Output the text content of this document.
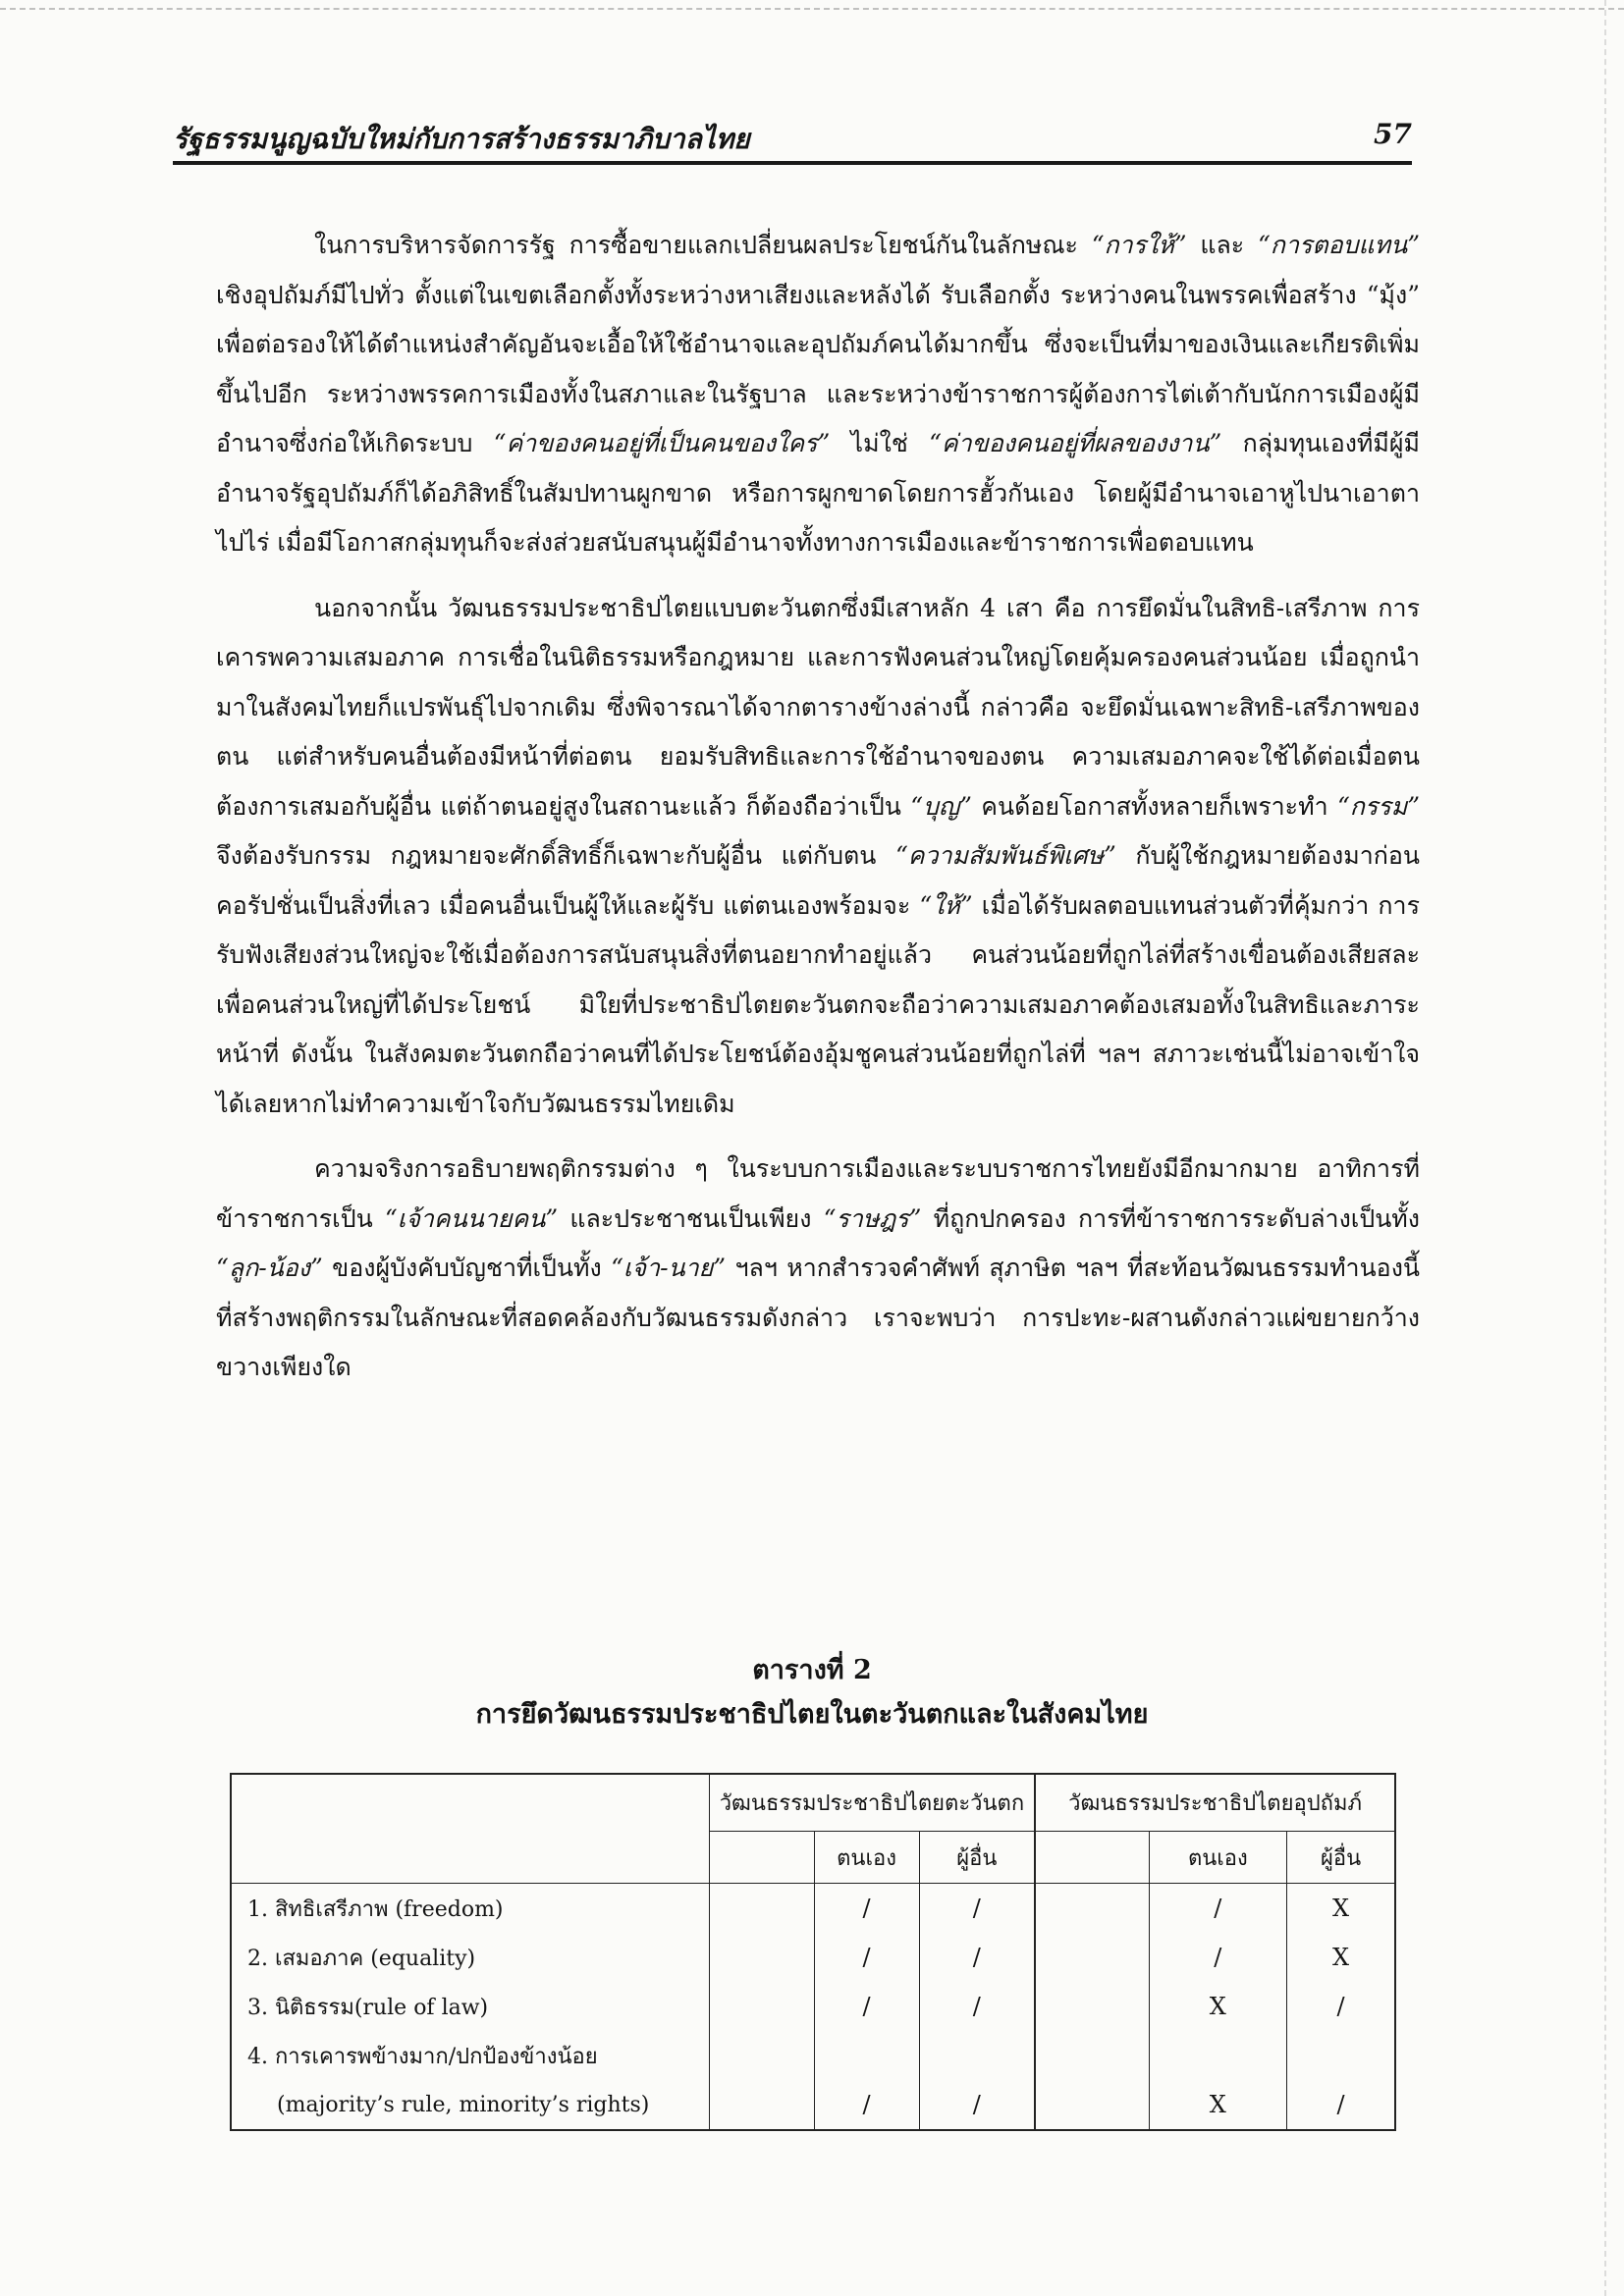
รัฐธรรมนูญฉบับใหม่กับการสร้างธรรมาภิบาลไทย	57

ในการบริหารจัดการรัฐ การซื้อขายแลกเปลี่ยนผลประโยชน์กันในลักษณะ “การให้” และ “การตอบแทน” เชิงอุปถัมภ์มีไปทั่ว ตั้งแต่ในเขตเลือกตั้งทั้งระหว่างหาเสียงและหลังได้ รับเลือกตั้ง ระหว่างคนในพรรคเพื่อสร้าง “มุ้ง” เพื่อต่อรองให้ได้ตำแหน่งสำคัญอันจะเอื้อให้ใช้อำนาจและอุปถัมภ์คนได้มากขึ้น ซึ่งจะเป็นที่มาของเงินและเกียรติเพิ่มขึ้นไปอีก ระหว่างพรรคการเมืองทั้งในสภาและในรัฐบาล และระหว่างข้าราชการผู้ต้องการไต่เต้ากับนักการเมืองผู้มีอำนาจซึ่งก่อให้เกิดระบบ “ค่าของคนอยู่ที่เป็นคนของใคร” ไม่ใช่ “ค่าของคนอยู่ที่ผลของงาน” กลุ่มทุนเองที่มีผู้มีอำนาจรัฐอุปถัมภ์ก็ได้อภิสิทธิ์ในสัมปทานผูกขาด หรือการผูกขาดโดยการฮั้วกันเอง โดยผู้มีอำนาจเอาหูไปนาเอาตาไปไร่ เมื่อมีโอกาสกลุ่มทุนก็จะส่งส่วยสนับสนุนผู้มีอำนาจทั้งทางการเมืองและข้าราชการเพื่อตอบแทน

นอกจากนั้น วัฒนธรรมประชาธิปไตยแบบตะวันตกซึ่งมีเสาหลัก 4 เสา คือ การยึดมั่นในสิทธิ-เสรีภาพ การเคารพความเสมอภาค การเชื่อในนิติธรรมหรือกฎหมาย และการฟังคนส่วนใหญ่โดยคุ้มครองคนส่วนน้อย เมื่อถูกนำมาในสังคมไทยก็แปรพันธุ์ไปจากเดิม ซึ่งพิจารณาได้จากตารางข้างล่างนี้ กล่าวคือ จะยึดมั่นเฉพาะสิทธิ-เสรีภาพของตน แต่สำหรับคนอื่นต้องมีหน้าที่ต่อตน ยอมรับสิทธิและการใช้อำนาจของตน ความเสมอภาคจะใช้ได้ต่อเมื่อตนต้องการเสมอกับผู้อื่น แต่ถ้าตนอยู่สูงในสถานะแล้ว ก็ต้องถือว่าเป็น “บุญ” คนด้อยโอกาสทั้งหลายก็เพราะทำ “กรรม” จึงต้องรับกรรม กฎหมายจะศักดิ์สิทธิ์ก็เฉพาะกับผู้อื่น แต่กับตน “ความสัมพันธ์พิเศษ” กับผู้ใช้กฎหมายต้องมาก่อน คอรัปชั่นเป็นสิ่งที่เลว เมื่อคนอื่นเป็นผู้ให้และผู้รับ แต่ตนเองพร้อมจะ “ให้” เมื่อได้รับผลตอบแทนส่วนตัวที่คุ้มกว่า การรับฟังเสียงส่วนใหญ่จะใช้เมื่อต้องการสนับสนุนสิ่งที่ตนอยากทำอยู่แล้ว คนส่วนน้อยที่ถูกไล่ที่สร้างเขื่อนต้องเสียสละเพื่อคนส่วนใหญ่ที่ได้ประโยชน์ มิใยที่ประชาธิปไตยตะวันตกจะถือว่าความเสมอภาคต้องเสมอทั้งในสิทธิและภาระหน้าที่ ดังนั้น ในสังคมตะวันตกถือว่าคนที่ได้ประโยชน์ต้องอุ้มชูคนส่วนน้อยที่ถูกไล่ที่ ฯลฯ สภาวะเช่นนี้ไม่อาจเข้าใจได้เลยหากไม่ทำความเข้าใจกับวัฒนธรรมไทยเดิม

ความจริงการอธิบายพฤติกรรมต่าง ๆ ในระบบการเมืองและระบบราชการไทยยังมีอีกมากมาย อาทิการที่ข้าราชการเป็น “เจ้าคนนายคน” และประชาชนเป็นเพียง “ราษฎร” ที่ถูกปกครอง การที่ข้าราชการระดับล่างเป็นทั้ง “ลูก-น้อง” ของผู้บังคับบัญชาที่เป็นทั้ง “เจ้า-นาย” ฯลฯ หากสำรวจคำศัพท์ สุภาษิต ฯลฯ ที่สะท้อนวัฒนธรรมทำนองนี้ที่สร้างพฤติกรรมในลักษณะที่สอดคล้องกับวัฒนธรรมดังกล่าว เราจะพบว่า การปะทะ-ผสานดังกล่าวแผ่ขยายกว้างขวางเพียงใด

ตารางที่ 2
การยึดวัฒนธรรมประชาธิปไตยในตะวันตกและในสังคมไทย
	วัฒนธรรมประชาธิปไตยตะวันตก			วัฒนธรรมประชาธิปไตยอุปถัมภ์		
		ตนเอง	ผู้อื่น		ตนเอง	ผู้อื่น
1. สิทธิเสรีภาพ (freedom)		/	/		/	X
2. เสมอภาค (equality)		/	/		/	X
3. นิติธรรม(rule of law)		/	/		X	/
4. การเคารพข้างมาก/ปกป้องข้างน้อย						
(majority’s rule, minority’s rights)		/	/		X	/
